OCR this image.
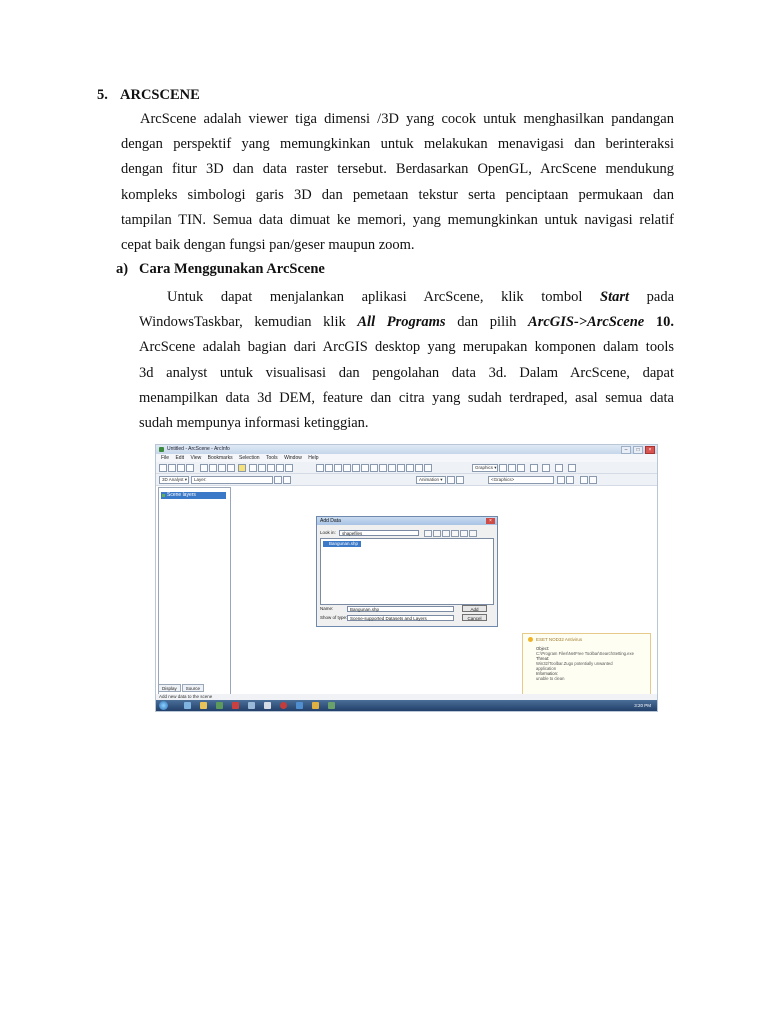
5. ARCSCENE
ArcScene adalah viewer tiga dimensi /3D yang cocok untuk menghasilkan pandangan
dengan perspektif yang memungkinkan untuk melakukan menavigasi dan berinteraksi
dengan fitur 3D dan data raster tersebut. Berdasarkan OpenGL, ArcScene mendukung
kompleks simbologi garis 3D dan pemetaan tekstur serta penciptaan permukaan dan
tampilan TIN. Semua data dimuat ke memori, yang memungkinkan untuk navigasi relatif
cepat baik dengan fungsi pan/geser maupun zoom.
a) Cara Menggunakan ArcScene
Untuk dapat menjalankan aplikasi ArcScene, klik tombol Start pada
WindowsTaskbar, kemudian klik All Programs dan pilih ArcGIS->ArcScene 10.
ArcScene adalah bagian dari ArcGIS desktop yang merupakan komponen dalam tools
3d analyst untuk visualisasi dan pengolahan data 3d. Dalam ArcScene, dapat
menampilkan data 3d DEM, feature dan citra yang sudah terdraped, asal semua data
sudah mempunya informasi ketinggian.
Untitled - ArcScene - ArcInfo	–	□	×
File Edit View Bookmarks Selection Tools Window Help
Graphics ▾
3D Analyst ▾	Layer:	Animation ▾	<Graphics>
Scene layers
Display	Source
Add Data	×
Look in:	shapefiles
Bangunan.shp
Name:	Bangunan.shp
Show of type: Scene-supported Datasets and Layers
Add
Cancel
ESET NOD32 Antivirus
Object:
C:\Program Files\NetFree Toolbar\SearchSetting.exe
Threat:
Win32/Toolbar.Zugo potentially unwanted
application
Information:
unable to clean
Add new data to the scene
3:20 PM
